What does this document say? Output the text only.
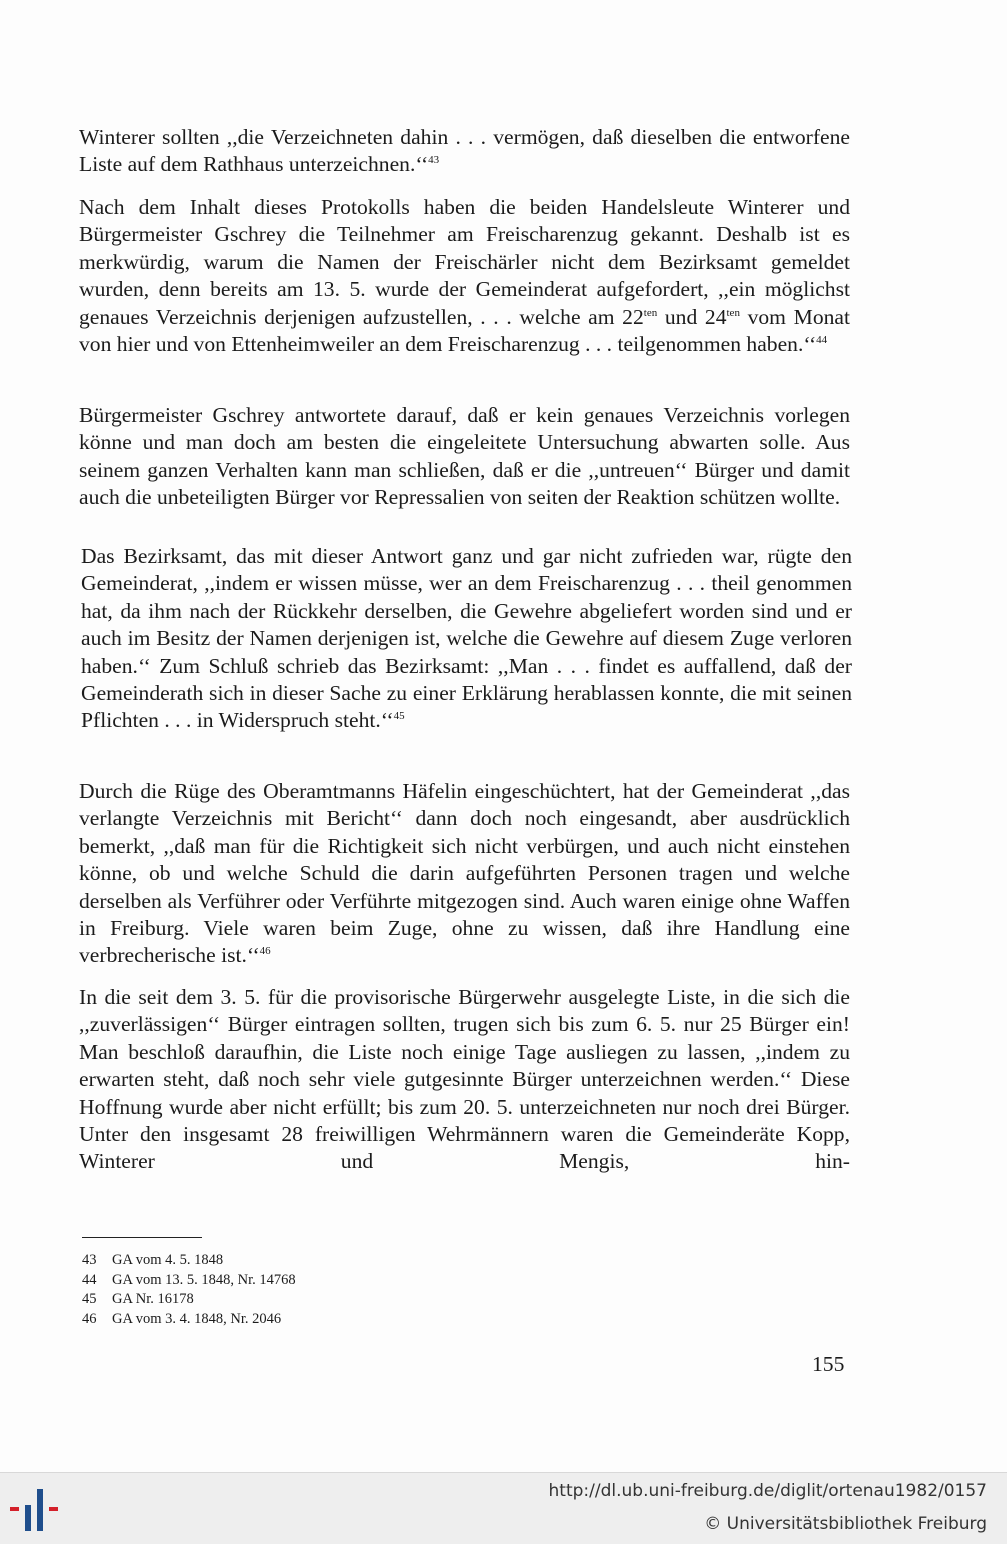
Winterer sollten ,,die Verzeichneten dahin . . . vermögen, daß dieselben die entworfene Liste auf dem Rathhaus unterzeichnen.‘‘$^{43}$

Nach dem Inhalt dieses Protokolls haben die beiden Handelsleute Winterer und Bürgermeister Gschrey die Teilnehmer am Freischarenzug gekannt. Deshalb ist es merkwürdig, warum die Namen der Freischärler nicht dem Bezirksamt gemeldet wurden, denn bereits am 13. 5. wurde der Gemeinderat aufgefordert, ,,ein möglichst genaues Verzeichnis derjenigen aufzustellen, . . . welche am $22^{ten}$ und $24^{ten}$ vom Monat von hier und von Ettenheimweiler an dem Freischarenzug . . . teilgenommen haben.‘‘$^{44}$

Bürgermeister Gschrey antwortete darauf, daß er kein genaues Verzeichnis vorlegen könne und man doch am besten die eingeleitete Untersuchung abwarten solle. Aus seinem ganzen Verhalten kann man schließen, daß er die ,,untreuen‘‘ Bürger und damit auch die unbeteiligten Bürger vor Repressalien von seiten der Reaktion schützen wollte.

Das Bezirksamt, das mit dieser Antwort ganz und gar nicht zufrieden war, rügte den Gemeinderat, ,,indem er wissen müsse, wer an dem Freischarenzug . . . theil genommen hat, da ihm nach der Rückkehr derselben, die Gewehre abgeliefert worden sind und er auch im Besitz der Namen derjenigen ist, welche die Gewehre auf diesem Zuge verloren haben.‘‘ Zum Schluß schrieb das Bezirksamt: ,,Man . . . findet es auffallend, daß der Gemeinderath sich in dieser Sache zu einer Erklärung herablassen konnte, die mit seinen Pflichten . . . in Widerspruch steht.‘‘$^{45}$

Durch die Rüge des Oberamtmanns Häfelin eingeschüchtert, hat der Gemeinderat ,,das verlangte Verzeichnis mit Bericht‘‘ dann doch noch eingesandt, aber ausdrücklich bemerkt, ,,daß man für die Richtigkeit sich nicht verbürgen, und auch nicht einstehen könne, ob und welche Schuld die darin aufgeführten Personen tragen und welche derselben als Verführer oder Verführte mitgezogen sind. Auch waren einige ohne Waffen in Freiburg. Viele waren beim Zuge, ohne zu wissen, daß ihre Handlung eine verbrecherische ist.‘‘$^{46}$

In die seit dem 3. 5. für die provisorische Bürgerwehr ausgelegte Liste, in die sich die ,,zuverlässigen‘‘ Bürger eintragen sollten, trugen sich bis zum 6. 5. nur 25 Bürger ein! Man beschloß daraufhin, die Liste noch einige Tage ausliegen zu lassen, ,,indem zu erwarten steht, daß noch sehr viele gutgesinnte Bürger unterzeichnen werden.‘‘ Diese Hoffnung wurde aber nicht erfüllt; bis zum 20. 5. unterzeichneten nur noch drei Bürger. Unter den insgesamt 28 freiwilligen Wehrmännern waren die Gemeinderäte Kopp, Winterer und Mengis, hin-

43 GA vom 4. 5. 1848
44 GA vom 13. 5. 1848, Nr. 14768
45 GA Nr. 16178
46 GA vom 3. 4. 1848, Nr. 2046
155
http://dl.ub.uni-freiburg.de/diglit/ortenau1982/0157
© Universitätsbibliothek Freiburg
